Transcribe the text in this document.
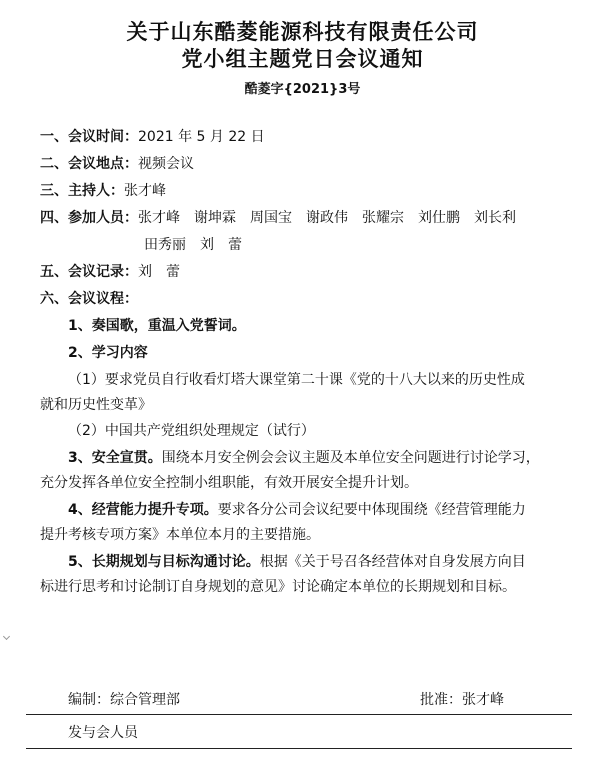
关于山东酷菱能源科技有限责任公司
党小组主题党日会议通知
酷菱字{2021}3号
一、会议时间：2021 年 5 月 22 日
二、会议地点：视频会议
三、主持人：张才峰
四、参加人员：张才峰 谢坤霖 周国宝 谢政伟 张耀宗 刘仕鹏 刘长利
田秀丽 刘　蕾
五、会议记录：刘　蕾
六、会议议程：
1、奏国歌，重温入党誓词。
2、学习内容
（1）要求党员自行收看灯塔大课堂第二十课《党的十八大以来的历史性成
就和历史性变革》
（2）中国共产党组织处理规定（试行）
3、安全宣贯。围绕本月安全例会会议主题及本单位安全问题进行讨论学习，
充分发挥各单位安全控制小组职能，有效开展安全提升计划。
4、经营能力提升专项。要求各分公司会议纪要中体现围绕《经营管理能力
提升考核专项方案》本单位本月的主要措施。
5、长期规划与目标沟通讨论。根据《关于号召各经营体对自身发展方向目
标进行思考和讨论制订自身规划的意见》讨论确定本单位的长期规划和目标。
编制：综合管理部	批准：张才峰
发与会人员
